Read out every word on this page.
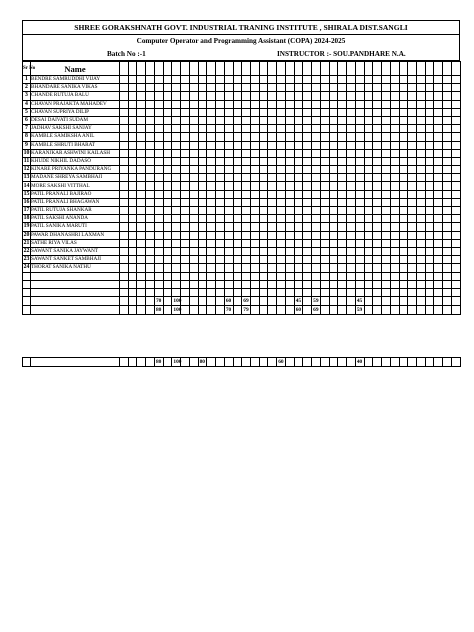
SHREE GORAKSHNATH GOVT. INDUSTRIAL TRANING INSTITUTE , SHIRALA DIST.SANGLI
Computer Operator and Programming Assistant (COPA) 2024-2025
Batch No :-1	INSTRUCTOR :- SOU.PANDHARE N.A.
Sr No	Name																																							
1	BENDRE SAMRUDDHI VIJAY																																							
2	BHANDARE SANIKA VIKAS																																							
3	CHANDE RUTUJA BALU																																							
4	CHAVAN PRAJAKTA MAHADEV																																							
5	CHAVAN SUPRIYA DILIP																																							
6	DESAI DAIVATI SUDAM																																							
7	JADHAV SAKSHI SANJAY																																							
8	KAMBLE SAMIKSHA ANIL																																							
9	KAMBLE SHRUTI BHARAT																																							
10	KARANJKAR ASHWINI KAILASH																																							
11	KHUDE NIKHIL DADASO																																							
12	KINARE PRIYANKA PANDURANG																																							
13	MADANE SHREYA SAMBHAJI																																							
14	MORE SAKSHI VITTHAL																																							
15	PATIL PRANALI BAJIRAO																																							
16	PATIL PRANALI BHAGAWAN																																							
17	PATIL RUTUJA SHANKAR																																							
18	PATIL SAKSHI ANANDA																																							
19	PATIL SANIKA MARUTI																																							
20	PAWAR DHANASHRI LAXMAN																																							
21	SATHE RIYA VILAS																																							
22	SAWANT SANIKA JAYWANT																																							
23	SAWANT SANKET SAMBHAJI																																							
24	THORAT SANIKA NATHU																																							

						70		100						60		69						45		59					45											
						80		100						70		79						60		69					59											
						80		100			80									60									40											
